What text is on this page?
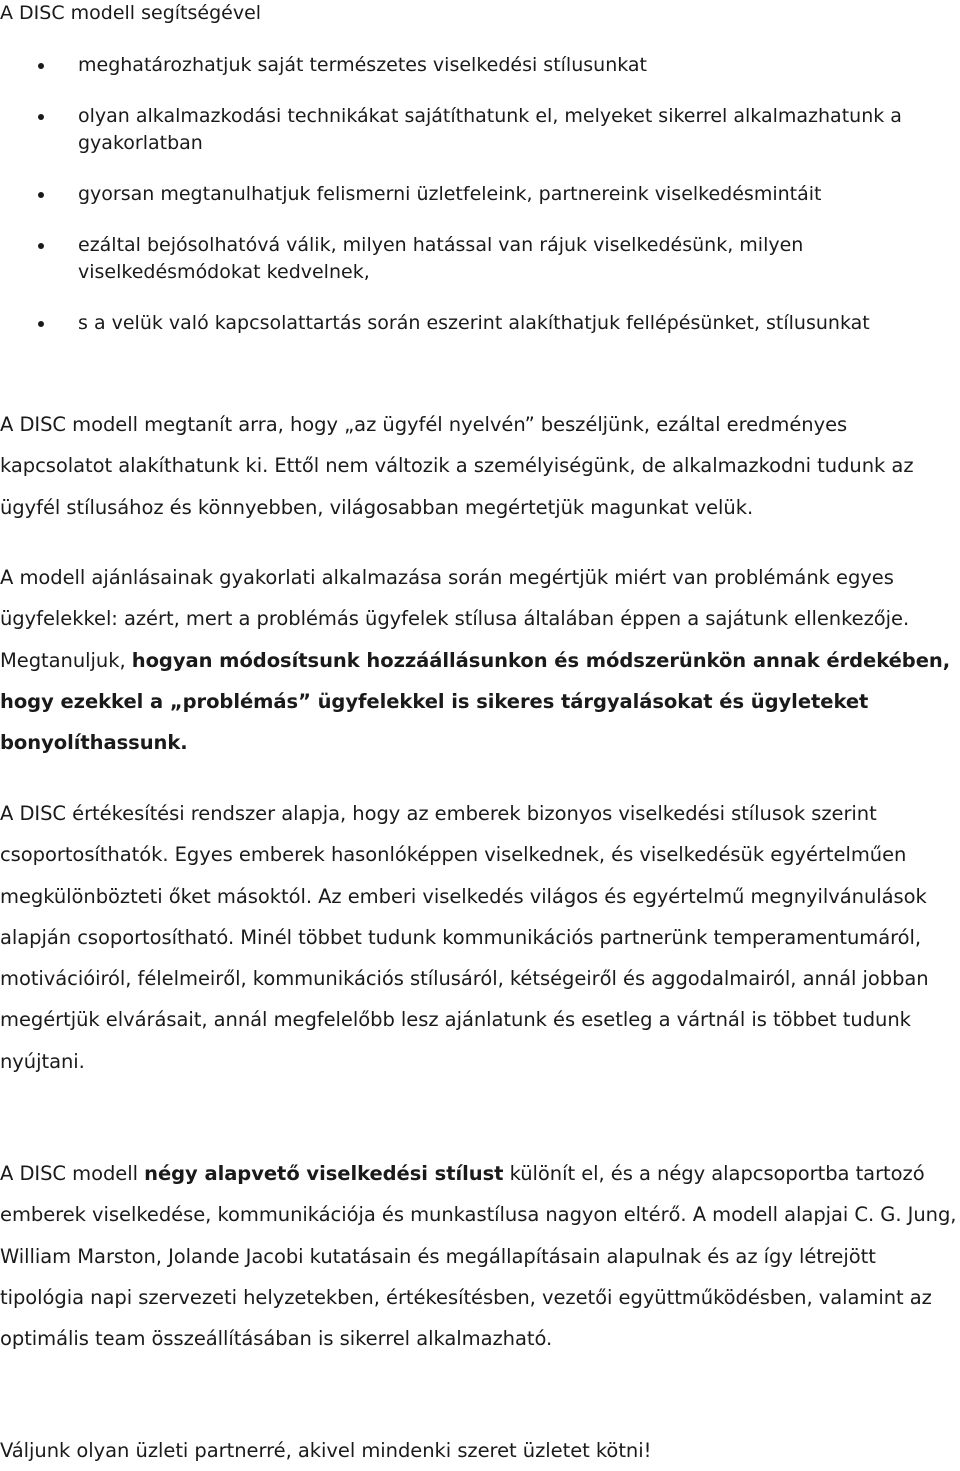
A DISC modell segítségével
meghatározhatjuk saját természetes viselkedési stílusunkat
olyan alkalmazkodási technikákat sajátíthatunk el, melyeket sikerrel alkalmazhatunk a gyakorlatban
gyorsan megtanulhatjuk felismerni üzletfeleink, partnereink viselkedésmintáit
ezáltal bejósolhatóvá válik, milyen hatással van rájuk viselkedésünk, milyen viselkedésmódokat kedvelnek,
s a velük való kapcsolattartás során eszerint alakíthatjuk fellépésünket, stílusunkat

A DISC modell megtanít arra, hogy „az ügyfél nyelvén” beszéljünk, ezáltal eredményes kapcsolatot alakíthatunk ki. Ettől nem változik a személyiségünk, de alkalmazkodni tudunk az ügyfél stílusához és könnyebben, világosabban megértetjük magunkat velük.

A modell ajánlásainak gyakorlati alkalmazása során megértjük miért van problémánk egyes ügyfelekkel: azért, mert a problémás ügyfelek stílusa általában éppen a sajátunk ellenkezője. Megtanuljuk, hogyan módosítsunk hozzáállásunkon és módszerünkön annak érdekében, hogy ezekkel a „problémás” ügyfelekkel is sikeres tárgyalásokat és ügyleteket bonyolíthassunk.

A DISC értékesítési rendszer alapja, hogy az emberek bizonyos viselkedési stílusok szerint csoportosíthatók. Egyes emberek hasonlóképpen viselkednek, és viselkedésük egyértelműen megkülönbözteti őket másoktól. Az emberi viselkedés világos és egyértelmű megnyilvánulások alapján csoportosítható. Minél többet tudunk kommunikációs partnerünk temperamentumáról, motivációiról, félelmeiről, kommunikációs stílusáról, kétségeiről és aggodalmairól, annál jobban megértjük elvárásait, annál megfelelőbb lesz ajánlatunk és esetleg a vártnál is többet tudunk nyújtani.

A DISC modell négy alapvető viselkedési stílust különít el, és a négy alapcsoportba tartozó emberek viselkedése, kommunikációja és munkastílusa nagyon eltérő. A modell alapjai C. G. Jung, William Marston, Jolande Jacobi kutatásain és megállapításain alapulnak és az így létrejött tipológia napi szervezeti helyzetekben, értékesítésben, vezetői együttműködésben, valamint az optimális team összeállításában is sikerrel alkalmazható.

Váljunk olyan üzleti partnerré, akivel mindenki szeret üzletet kötni!
